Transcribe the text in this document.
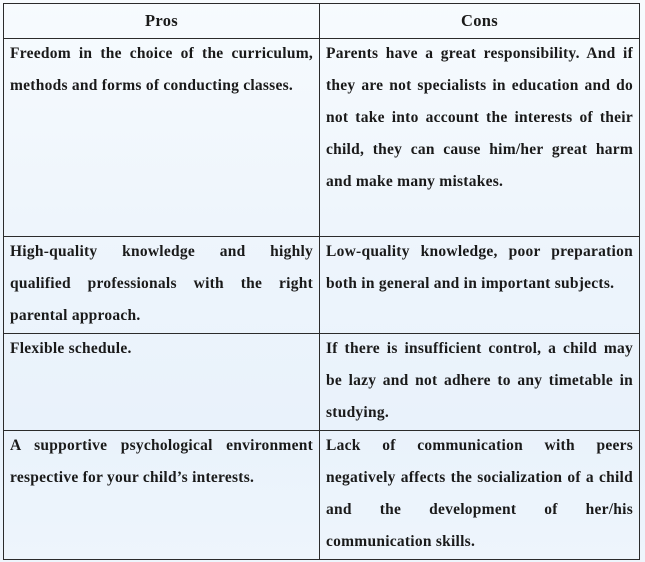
Pros	Cons

Freedom in the choice of the curriculum, methods and forms of conducting classes.	Parents have a great responsibility. And if they are not specialists in education and do not take into account the interests of their child, they can cause him/her great harm and make many mistakes.

High-quality knowledge and highly qualified professionals with the right parental approach.	Low-quality knowledge, poor preparation both in general and in important subjects.

Flexible schedule.	If there is insufficient control, a child may be lazy and not adhere to any timetable in studying.

A supportive psychological environment respective for your child’s interests.	Lack of communication with peers negatively affects the socialization of a child and the development of her/his communication skills.
